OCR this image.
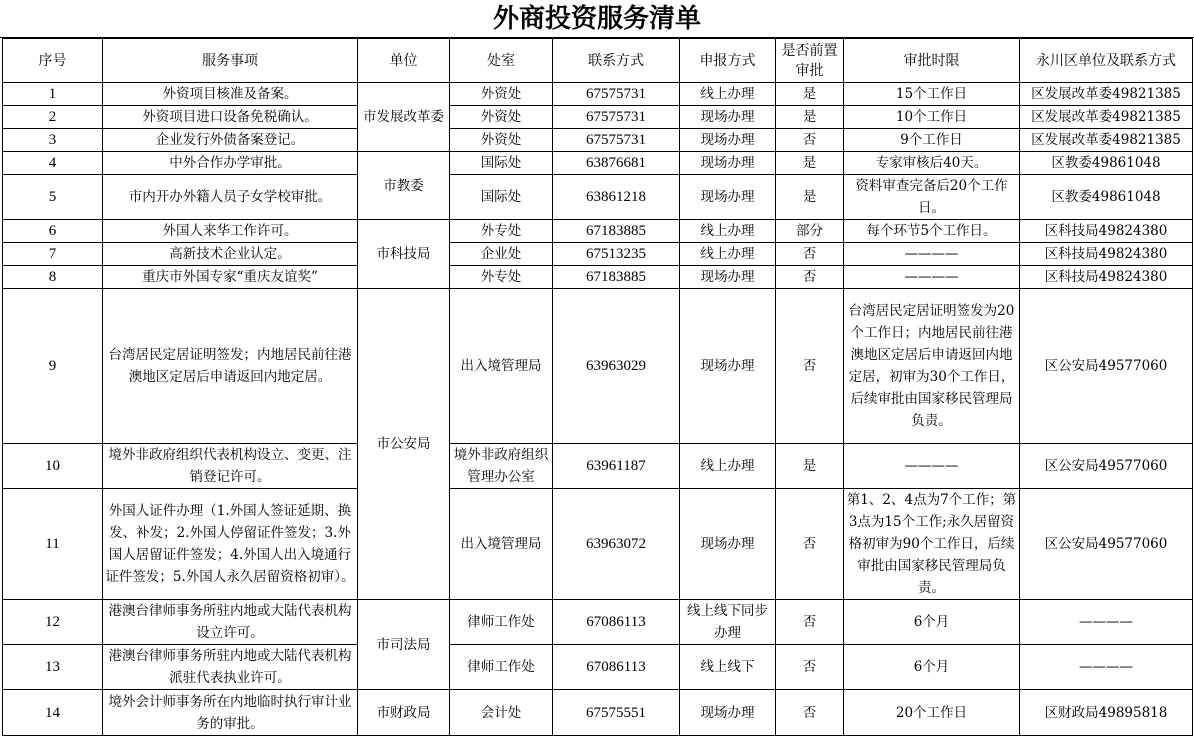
外商投资服务清单
序号	服务事项	单位	处室	联系方式	申报方式	是否前置审批	审批时限	永川区单位及联系方式
1	外资项目核准及备案。	市发展改革委	外资处	67575731	线上办理	是	15个工作日	区发展改革委49821385
2	外资项目进口设备免税确认。		外资处	67575731	现场办理	是	10个工作日	区发展改革委49821385
3	企业发行外债备案登记。		外资处	67575731	现场办理	否	9个工作日	区发展改革委49821385
4	中外合作办学审批。	市教委	国际处	63876681	现场办理	是	专家审核后40天。	区教委49861048
5	市内开办外籍人员子女学校审批。		国际处	63861218	现场办理	是	资料审查完备后20个工作日。	区教委49861048
6	外国人来华工作许可。	市科技局	外专处	67183885	线上办理	部分	每个环节5个工作日。	区科技局49824380
7	高新技术企业认定。		企业处	67513235	线上办理	否	————	区科技局49824380
8	重庆市外国专家“重庆友谊奖”		外专处	67183885	现场办理	否	————	区科技局49824380
9	台湾居民定居证明签发；内地居民前往港澳地区定居后申请返回内地定居。	市公安局	出入境管理局	63963029	现场办理	否	台湾居民定居证明签发为20个工作日；内地居民前往港澳地区定居后申请返回内地定居，初审为30个工作日，后续审批由国家移民管理局负责。	区公安局49577060
10	境外非政府组织代表机构设立、变更、注销登记许可。		境外非政府组织管理办公室	63961187	线上办理	是	————	区公安局49577060
11	外国人证件办理（1.外国人签证延期、换发、补发；2.外国人停留证件签发；3.外国人居留证件签发；4.外国人出入境通行证件签发；5.外国人永久居留资格初审）。		出入境管理局	63963072	现场办理	否	第1、2、4点为7个工作；第3点为15个工作;永久居留资格初审为90个工作日，后续审批由国家移民管理局负责。	区公安局49577060
12	港澳台律师事务所驻内地或大陆代表机构设立许可。	市司法局	律师工作处	67086113	线上线下同步办理	否	6个月	————
13	港澳台律师事务所驻内地或大陆代表机构派驻代表执业许可。		律师工作处	67086113	线上线下	否	6个月	————
14	境外会计师事务所在内地临时执行审计业务的审批。	市财政局	会计处	67575551	现场办理	否	20个工作日	区财政局49895818
